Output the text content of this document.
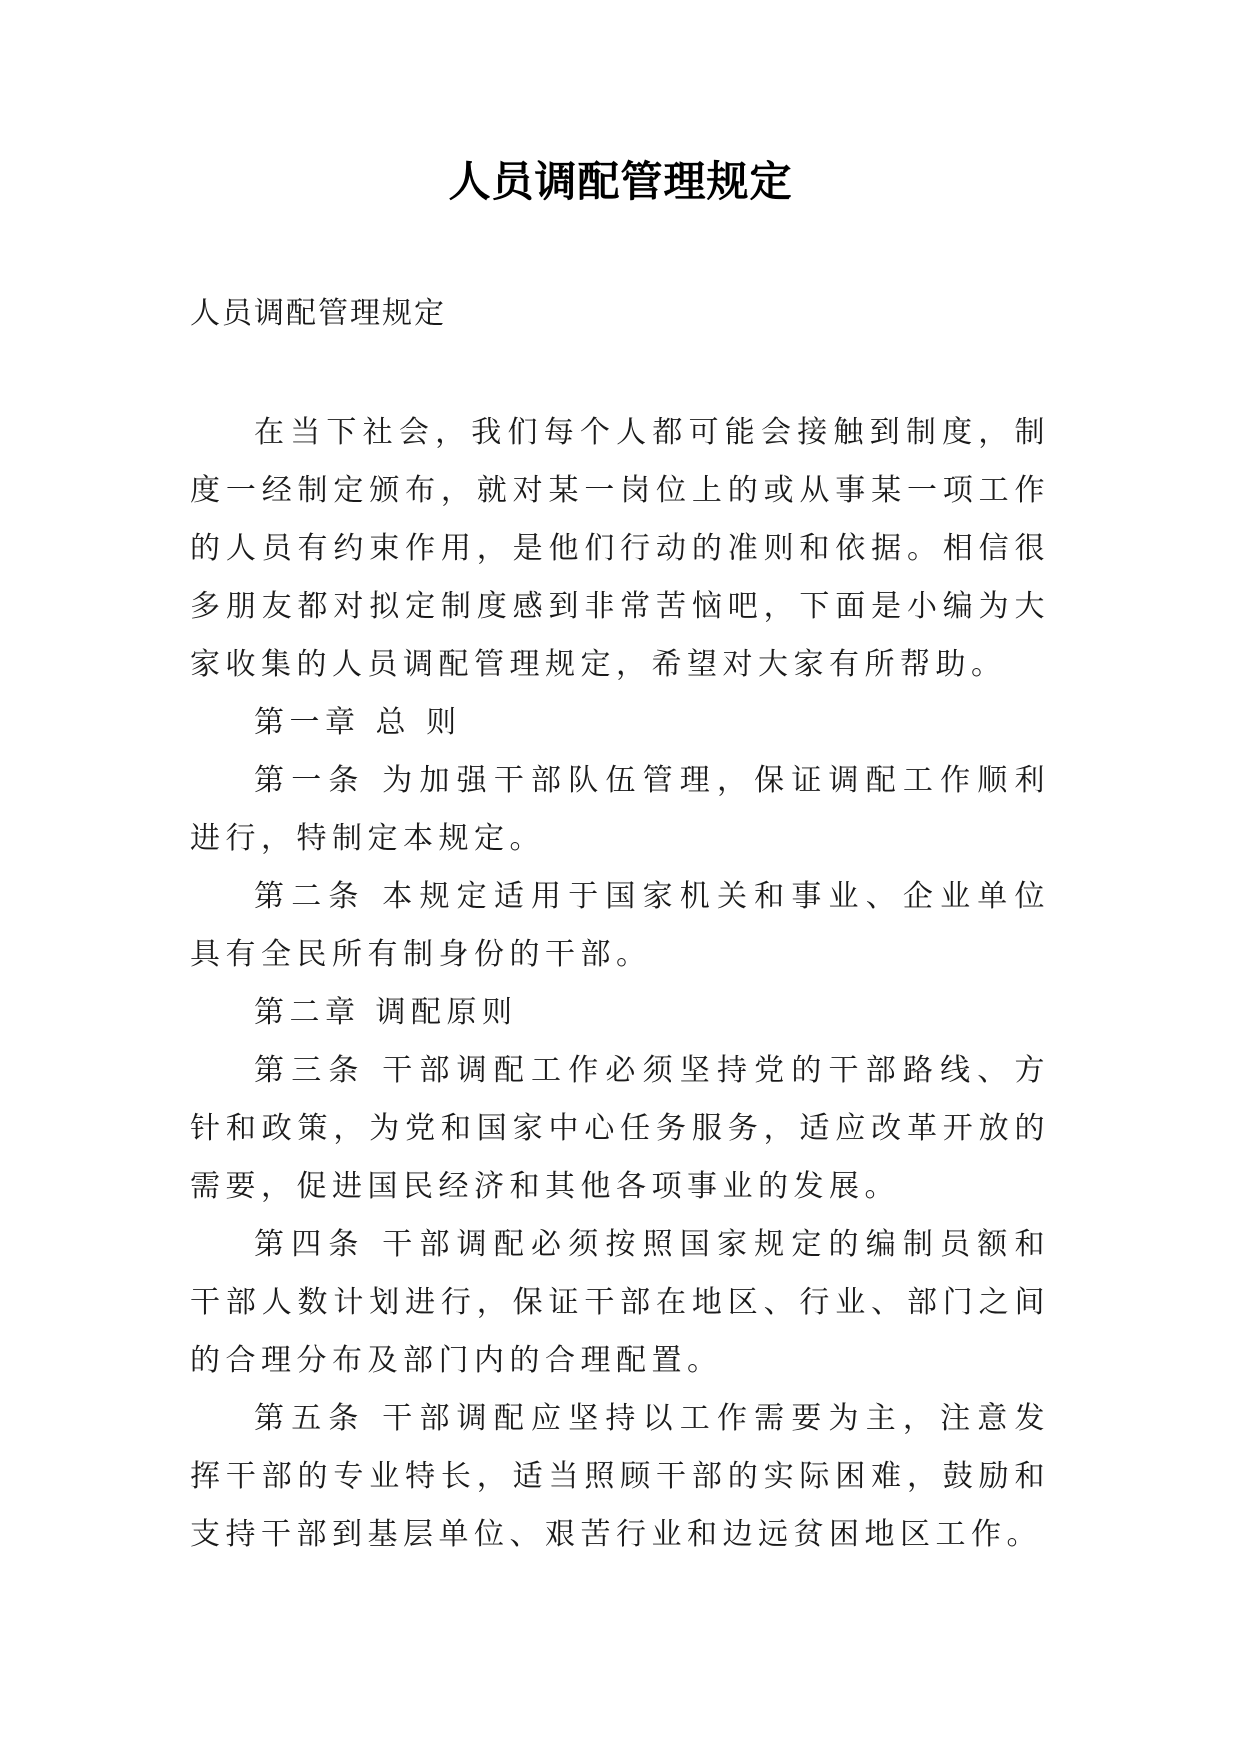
人员调配管理规定

人员调配管理规定

在当下社会，我们每个人都可能会接触到制度，制度一经制定颁布，就对某一岗位上的或从事某一项工作的人员有约束作用，是他们行动的准则和依据。相信很多朋友都对拟定制度感到非常苦恼吧，下面是小编为大家收集的人员调配管理规定，希望对大家有所帮助。

第一章 总 则

第一条 为加强干部队伍管理，保证调配工作顺利进行，特制定本规定。

第二条 本规定适用于国家机关和事业、企业单位具有全民所有制身份的干部。

第二章 调配原则

第三条 干部调配工作必须坚持党的干部路线、方针和政策，为党和国家中心任务服务，适应改革开放的需要，促进国民经济和其他各项事业的发展。

第四条 干部调配必须按照国家规定的编制员额和干部人数计划进行，保证干部在地区、行业、部门之间的合理分布及部门内的合理配置。

第五条 干部调配应坚持以工作需要为主，注意发挥干部的专业特长，适当照顾干部的实际困难，鼓励和支持干部到基层单位、艰苦行业和边远贫困地区工作。
